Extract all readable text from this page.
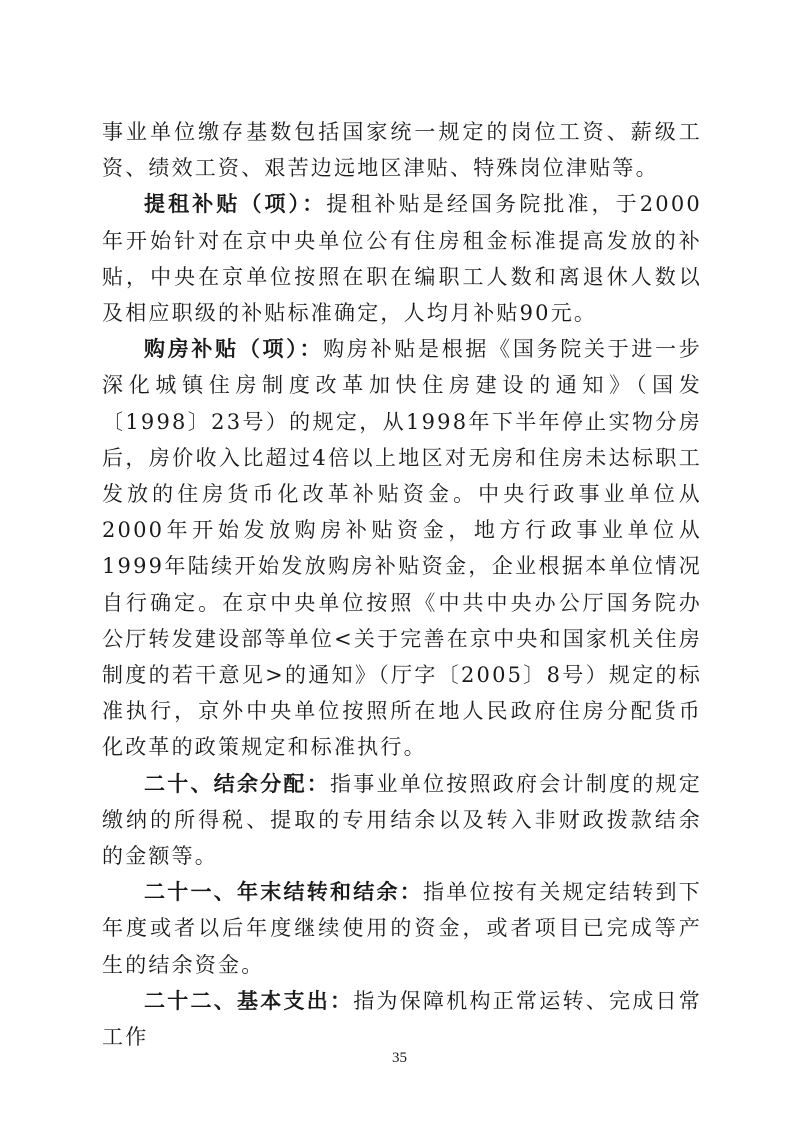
事业单位缴存基数包括国家统一规定的岗位工资、薪级工资、绩效工资、艰苦边远地区津贴、特殊岗位津贴等。

提租补贴（项）：提租补贴是经国务院批准，于2000年开始针对在京中央单位公有住房租金标准提高发放的补贴，中央在京单位按照在职在编职工人数和离退休人数以及相应职级的补贴标准确定，人均月补贴90元。

购房补贴（项）：购房补贴是根据《国务院关于进一步深化城镇住房制度改革加快住房建设的通知》（国发〔1998〕23号）的规定，从1998年下半年停止实物分房后，房价收入比超过4倍以上地区对无房和住房未达标职工发放的住房货币化改革补贴资金。中央行政事业单位从2000年开始发放购房补贴资金，地方行政事业单位从1999年陆续开始发放购房补贴资金，企业根据本单位情况自行确定。在京中央单位按照《中共中央办公厅国务院办公厅转发建设部等单位<关于完善在京中央和国家机关住房制度的若干意见>的通知》（厅字〔2005〕8号）规定的标准执行，京外中央单位按照所在地人民政府住房分配货币化改革的政策规定和标准执行。

二十、结余分配：指事业单位按照政府会计制度的规定缴纳的所得税、提取的专用结余以及转入非财政拨款结余的金额等。

二十一、年末结转和结余：指单位按有关规定结转到下年度或者以后年度继续使用的资金，或者项目已完成等产生的结余资金。

二十二、基本支出：指为保障机构正常运转、完成日常工作

35
